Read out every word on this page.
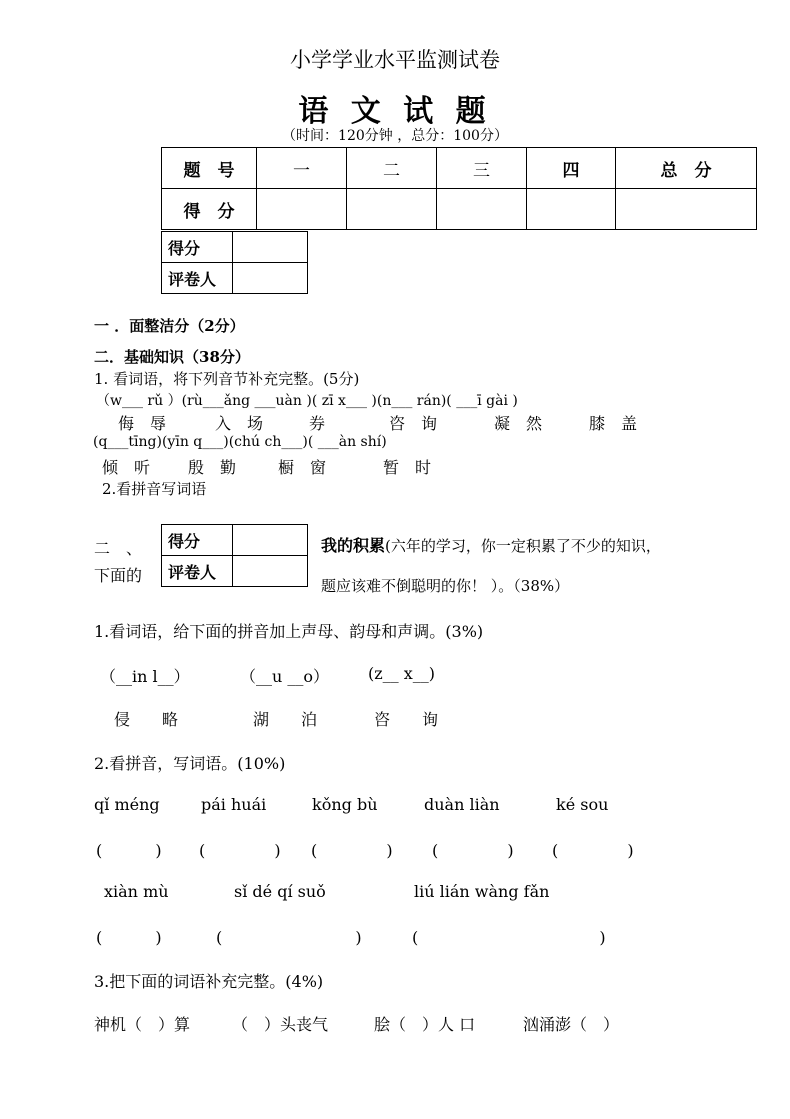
小学学业水平监测试卷
语 文 试 题
（时间：120分钟 ，总分：100分）
题　号	一	二	三	四	总　分
得　分					
得分	
评卷人	
一 ．面整洁分（2分）
二．基础知识（38分）
1. 看词语，将下列音节补充完整。(5分)
（w___ rǔ ）(rù___ǎng ___uàn )( zī x___ )(n___ rán)( ___ī gài )
侮　辱	入　场	券	咨　询	凝　然	膝　盖
(q___tīng)(yīn q___)(chú ch___)( ___àn shí)
倾　听 殷　勤	橱　窗	暂　时
2.看拼音写词语
二　、
下面的
得分	
评卷人	
我的积累(六年的学习，你一定积累了不少的知识，
题应该难不倒聪明的你！ ）。（38%）
1.看词语，给下面的拼音加上声母、韵母和声调。(3%)
（__in l__）	（__u __o） (z__ x__)
侵　　略	湖　　泊	咨　　询
2.看拼音，写词语。(10%)
qǐ méng	pái huái	kǒng bù	duàn liàn	ké sou
(　　　 ) (　　　　 ) (　　　　 ) (　　　　 ) (　　　　 )
xiàn mù	sǐ dé qí suǒ	liú lián wàng fǎn
(　　　 )	(　　　　　　　　 )	(　　　　　　　　　　　 )
3.把下面的词语补充完整。(4%)
神机（　）算	（　）头丧气	脍（　）人 口	汹涌澎（　）
